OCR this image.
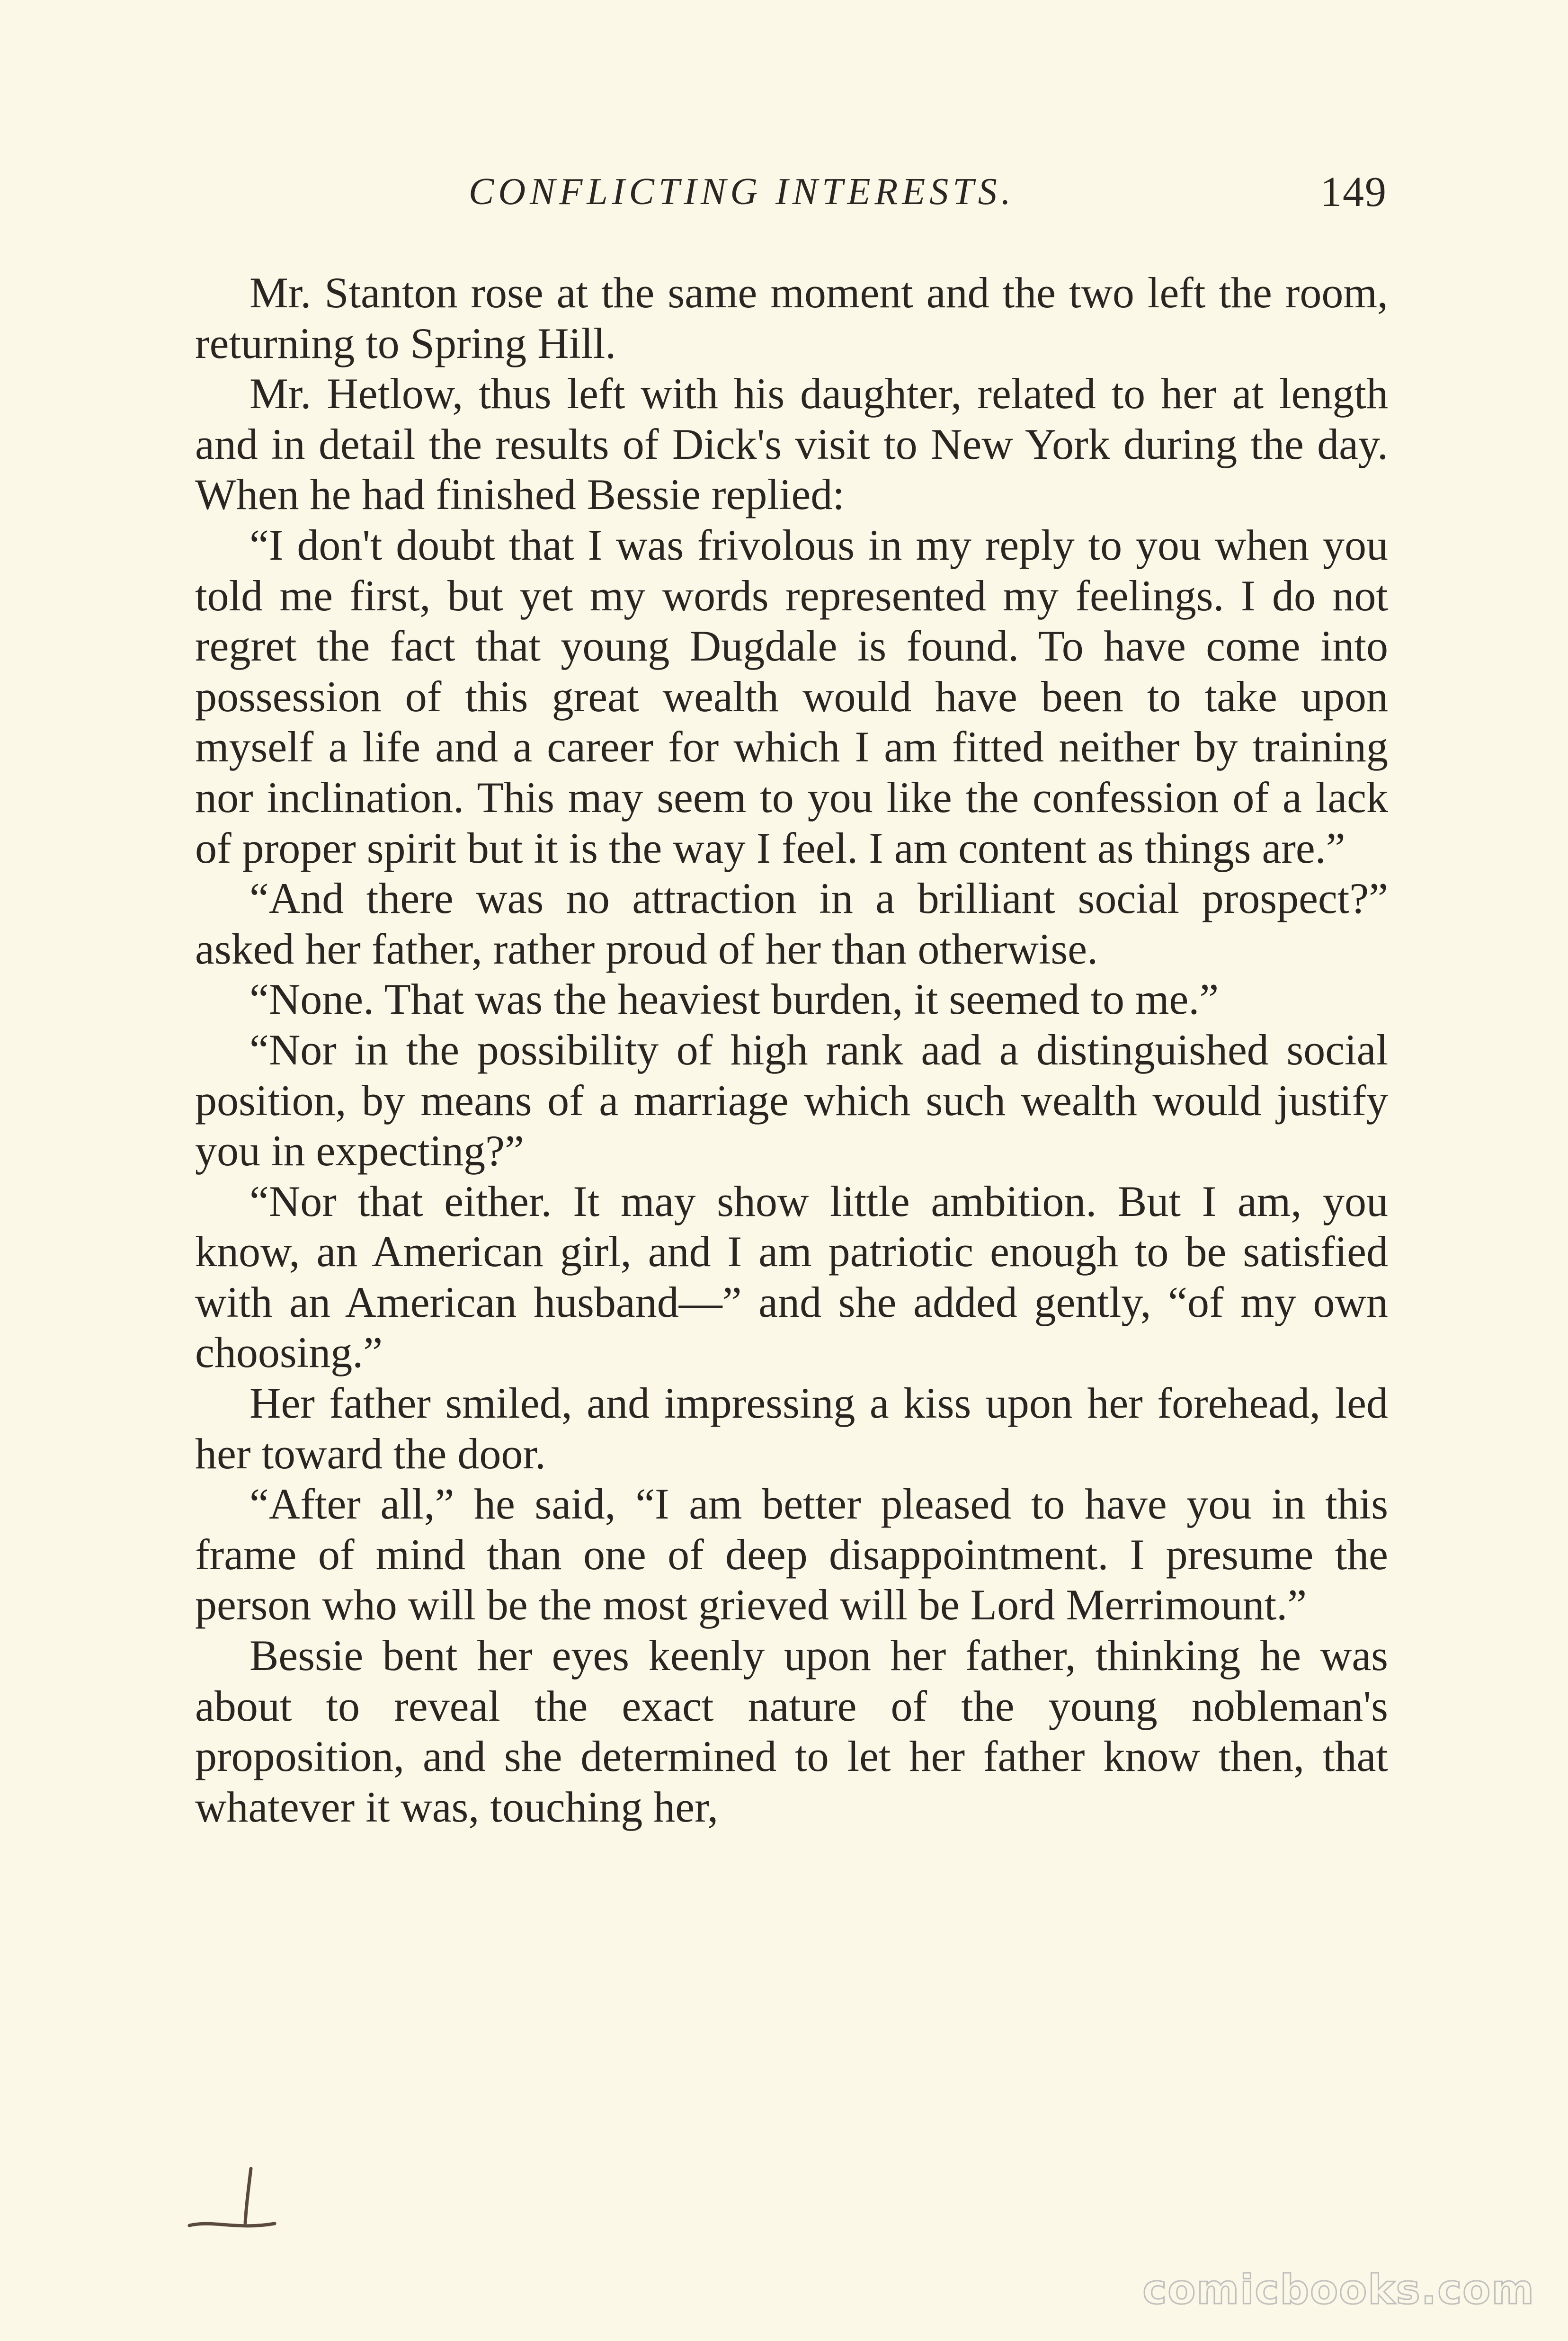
CONFLICTING INTERESTS.	149

Mr. Stanton rose at the same moment and the two left the room, returning to Spring Hill.

Mr. Hetlow, thus left with his daughter, related to her at length and in detail the results of Dick's visit to New York during the day. When he had finished Bessie replied:

“I don't doubt that I was frivolous in my reply to you when you told me first, but yet my words represented my feelings. I do not regret the fact that young Dugdale is found. To have come into possession of this great wealth would have been to take upon myself a life and a career for which I am fitted neither by training nor inclination. This may seem to you like the confession of a lack of proper spirit but it is the way I feel. I am content as things are.”

“And there was no attraction in a brilliant social prospect?” asked her father, rather proud of her than otherwise.

“None. That was the heaviest burden, it seemed to me.”

“Nor in the possibility of high rank aad a distinguished social position, by means of a marriage which such wealth would justify you in expecting?”

“Nor that either. It may show little ambition. But I am, you know, an American girl, and I am patriotic enough to be satisfied with an American husband—” and she added gently, “of my own choosing.”

Her father smiled, and impressing a kiss upon her forehead, led her toward the door.

“After all,” he said, “I am better pleased to have you in this frame of mind than one of deep disappointment. I presume the person who will be the most grieved will be Lord Merrimount.”

Bessie bent her eyes keenly upon her father, thinking he was about to reveal the exact nature of the young nobleman's proposition, and she determined to let her father know then, that whatever it was, touching her,

comicbooks.com
